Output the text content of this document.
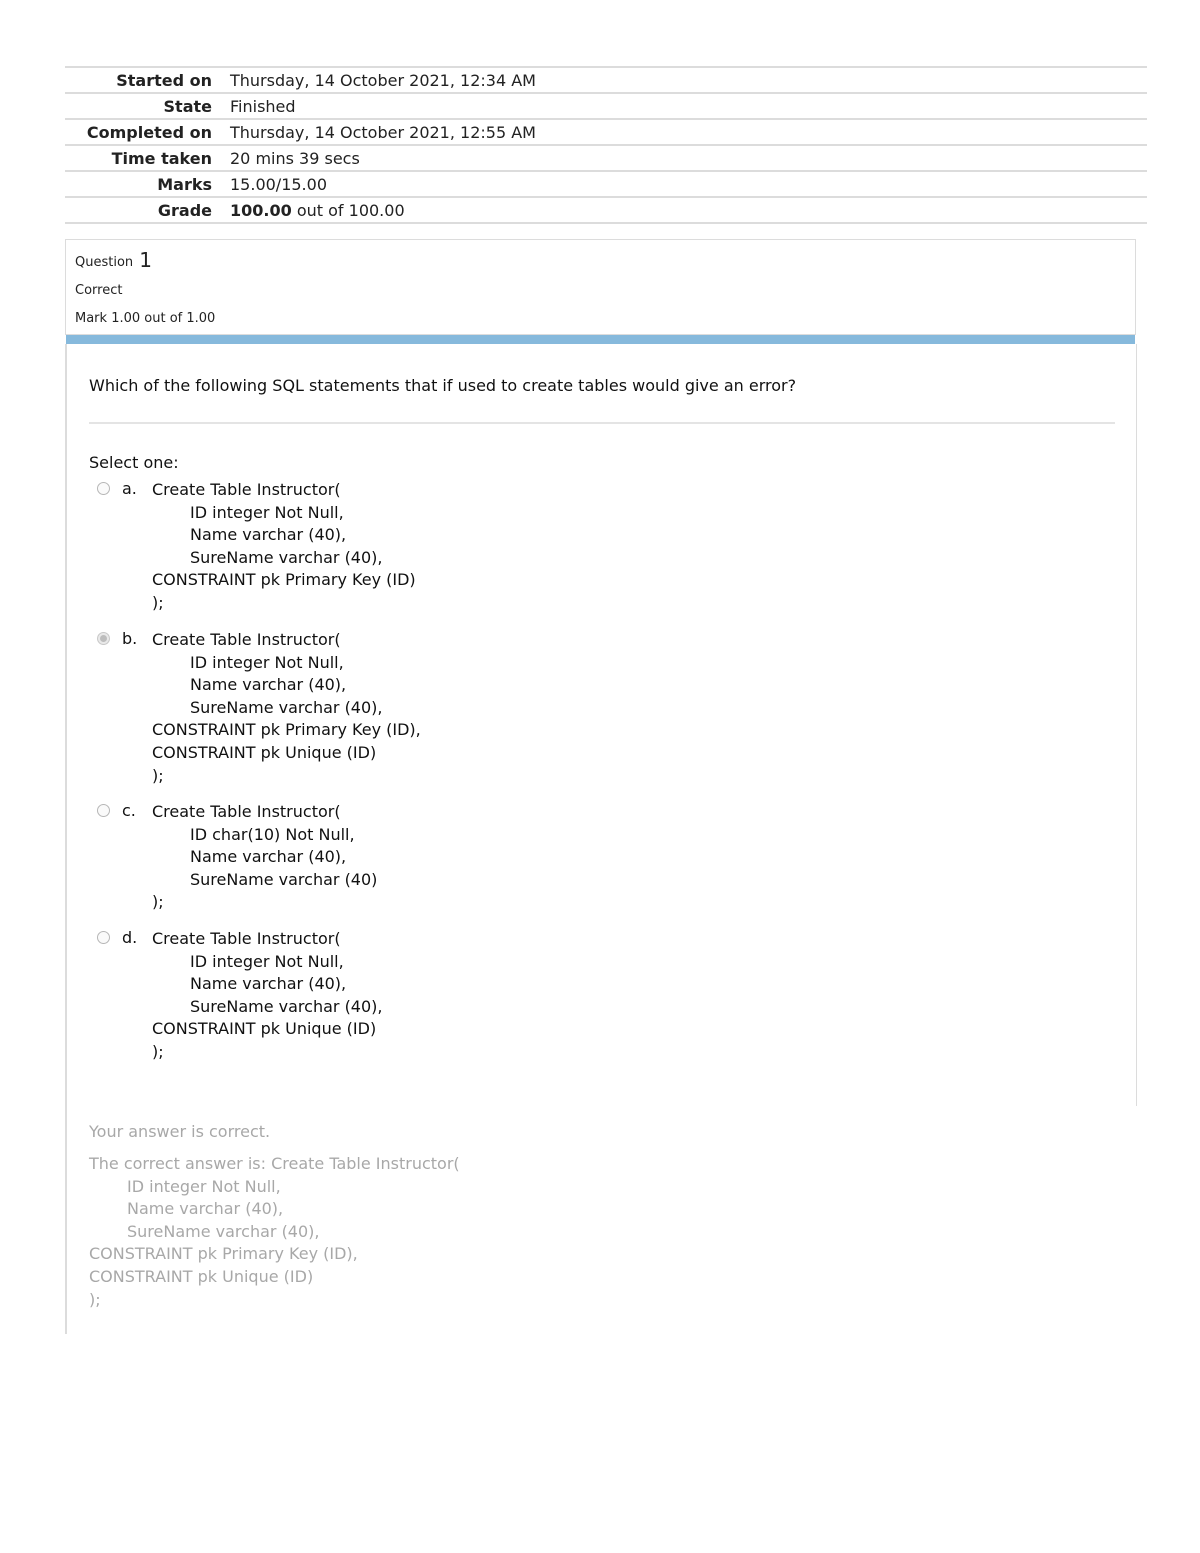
Started on	Thursday, 14 October 2021, 12:34 AM
State	Finished
Completed on	Thursday, 14 October 2021, 12:55 AM
Time taken	20 mins 39 secs
Marks	15.00/15.00
Grade	100.00 out of 100.00
Question 1
Correct
Mark 1.00 out of 1.00
Which of the following SQL statements that if used to create tables would give an error?
Select one:
a. Create Table Instructor(
ID integer Not Null,
Name varchar (40),
SureName varchar (40),
CONSTRAINT pk Primary Key (ID)
);
b. Create Table Instructor(
ID integer Not Null,
Name varchar (40),
SureName varchar (40),
CONSTRAINT pk Primary Key (ID),
CONSTRAINT pk Unique (ID)
);
c.	Create Table Instructor(
ID char(10) Not Null,
Name varchar (40),
SureName varchar (40)
);
d. Create Table Instructor(
ID integer Not Null,
Name varchar (40),
SureName varchar (40),
CONSTRAINT pk Unique (ID)
);
Your answer is correct.
The correct answer is: Create Table Instructor(
ID integer Not Null,
Name varchar (40),
SureName varchar (40),
CONSTRAINT pk Primary Key (ID),
CONSTRAINT pk Unique (ID)
);
